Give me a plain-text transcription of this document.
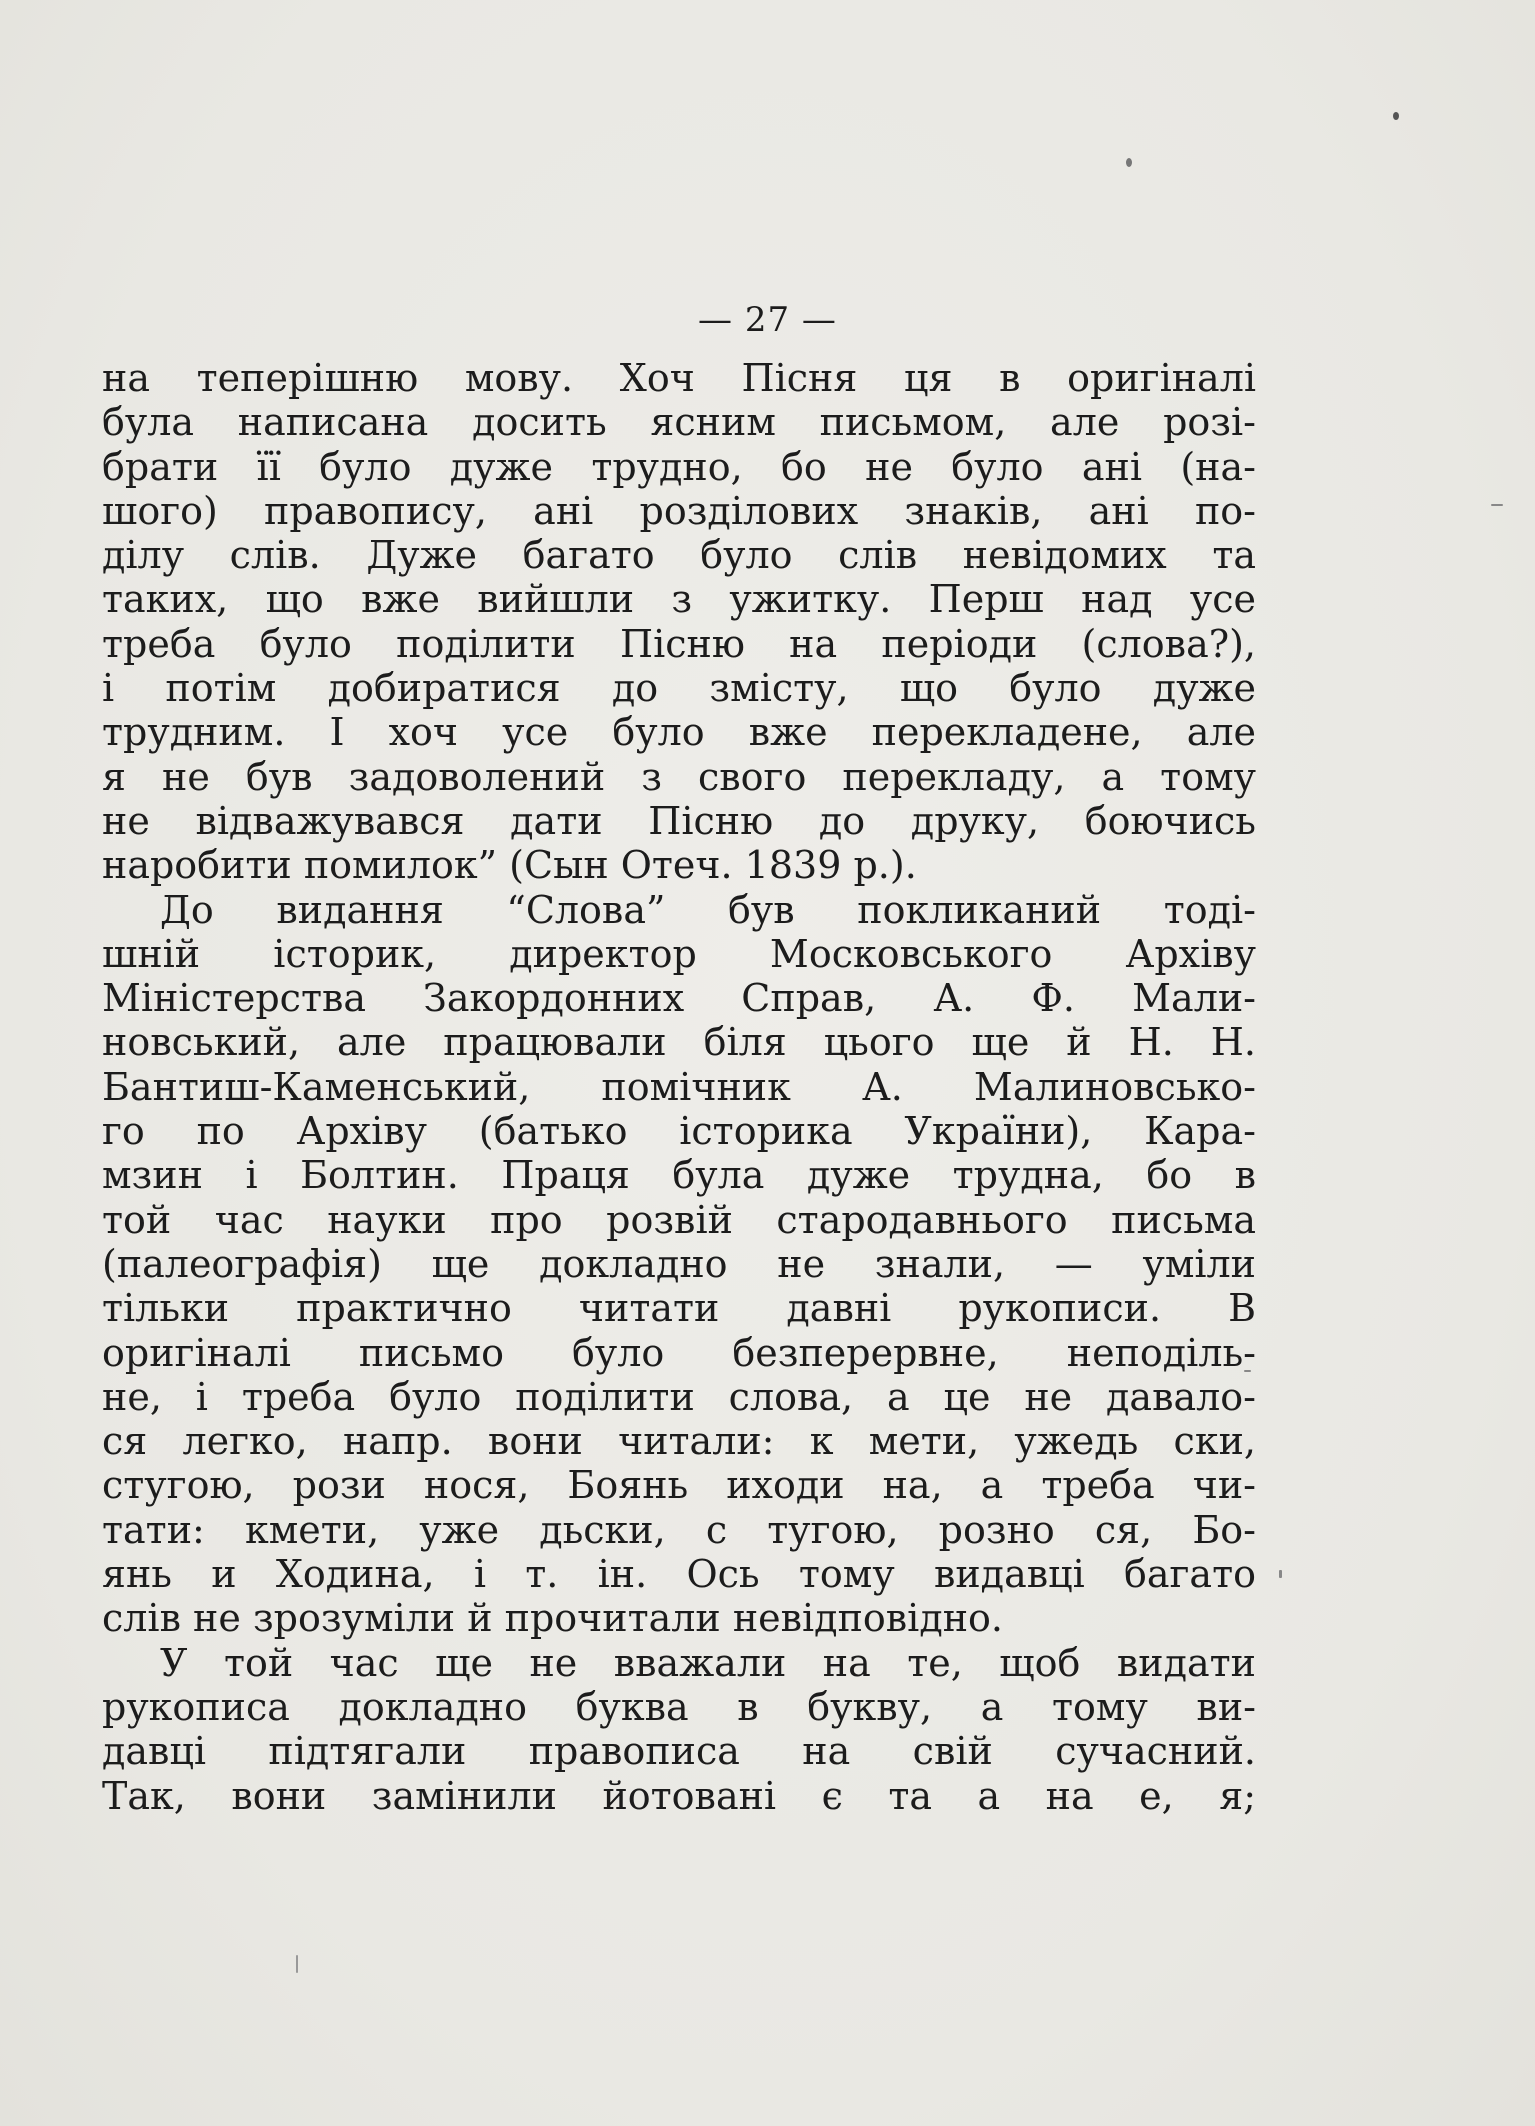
— 27 —
на теперішню мову. Хоч Пісня ця в оригіналі
була написана досить ясним письмом, але розі-
брати її було дуже трудно, бо не було ані (на-
шого) правопису, ані розділових знаків, ані по-
ділу слів. Дуже багато було слів невідомих та
таких, що вже вийшли з ужитку. Перш над усе
треба було поділити Пісню на періоди (слова?),
і потім добиратися до змісту, що було дуже
трудним. І хоч усе було вже перекладене, але
я не був задоволений з свого перекладу, а тому
не відважувався дати Пісню до друку, боючись
наробити помилок” (Сын Отеч. 1839 р.).
До видання “Слова” був покликаний тоді-
шній історик, директор Московського Архіву
Міністерства Закордонних Справ, А. Ф. Мали-
новський, але працювали біля цього ще й Н. Н.
Бантиш-Каменський, помічник А. Малиновсько-
го по Архіву (батько історика України), Кара-
мзин і Болтин. Праця була дуже трудна, бо в
той час науки про розвій стародавнього письма
(палеографія) ще докладно не знали, — уміли
тільки практично читати давні рукописи. В
оригіналі письмо було безперервне, неподіль-
не, і треба було поділити слова, а це не давало-
ся легко, напр. вони читали: к мети, ужедь ски,
стугою, рози нося, Боянь иходи на, а треба чи-
тати: кмети, уже дьски, с тугою, розно ся, Бо-
янь и Ходина, і т. ін. Ось тому видавці багато
слів не зрозуміли й прочитали невідповідно.
У той час ще не вважали на те, щоб видати
рукописа докладно буква в букву, а тому ви-
давці підтягали правописа на свій сучасний.
Так, вони замінили йотовані є та а на е, я;
